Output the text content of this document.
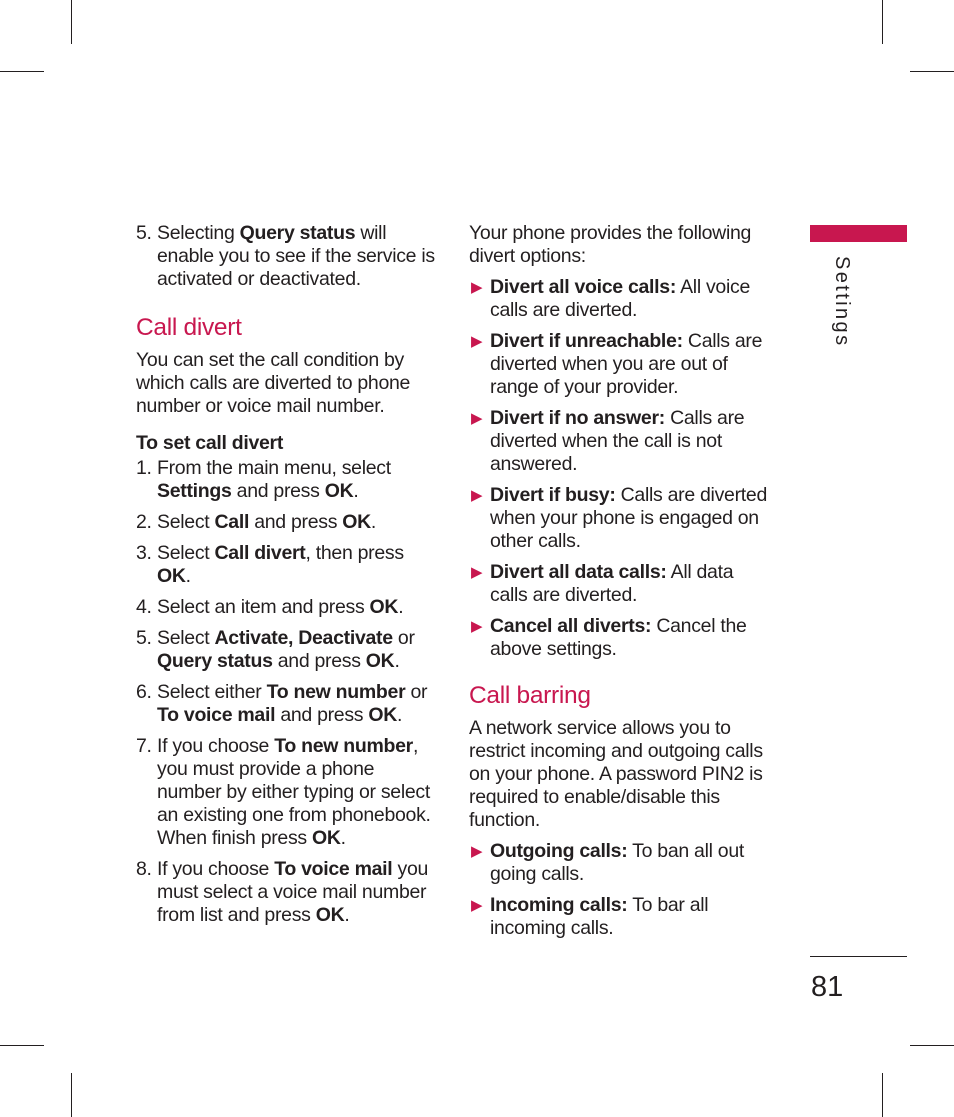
5. Selecting Query status will enable you to see if the service is activated or deactivated.
Call divert

You can set the call condition by which calls are diverted to phone number or voice mail number.

To set call divert
1. From the main menu, select Settings and press OK.
2. Select Call and press OK.
3. Select Call divert, then press OK.
4. Select an item and press OK.
5. Select Activate, Deactivate or Query status and press OK.
6. Select either To new number or To voice mail and press OK.
7. If you choose To new number, you must provide a phone number by either typing or select an existing one from phonebook. When finish press OK.
8. If you choose To voice mail you must select a voice mail number from list and press OK.

Your phone provides the following divert options:

▶ Divert all voice calls: All voice calls are diverted.
▶ Divert if unreachable: Calls are diverted when you are out of range of your provider.
▶ Divert if no answer: Calls are diverted when the call is not answered.
▶ Divert if busy: Calls are diverted when your phone is engaged on other calls.
▶ Divert all data calls: All data calls are diverted.
▶ Cancel all diverts: Cancel the above settings.
Call barring

A network service allows you to restrict incoming and outgoing calls on your phone. A password PIN2 is required to enable/disable this function.

▶ Outgoing calls: To ban all out going calls.
▶ Incoming calls: To bar all incoming calls.
Settings
81
